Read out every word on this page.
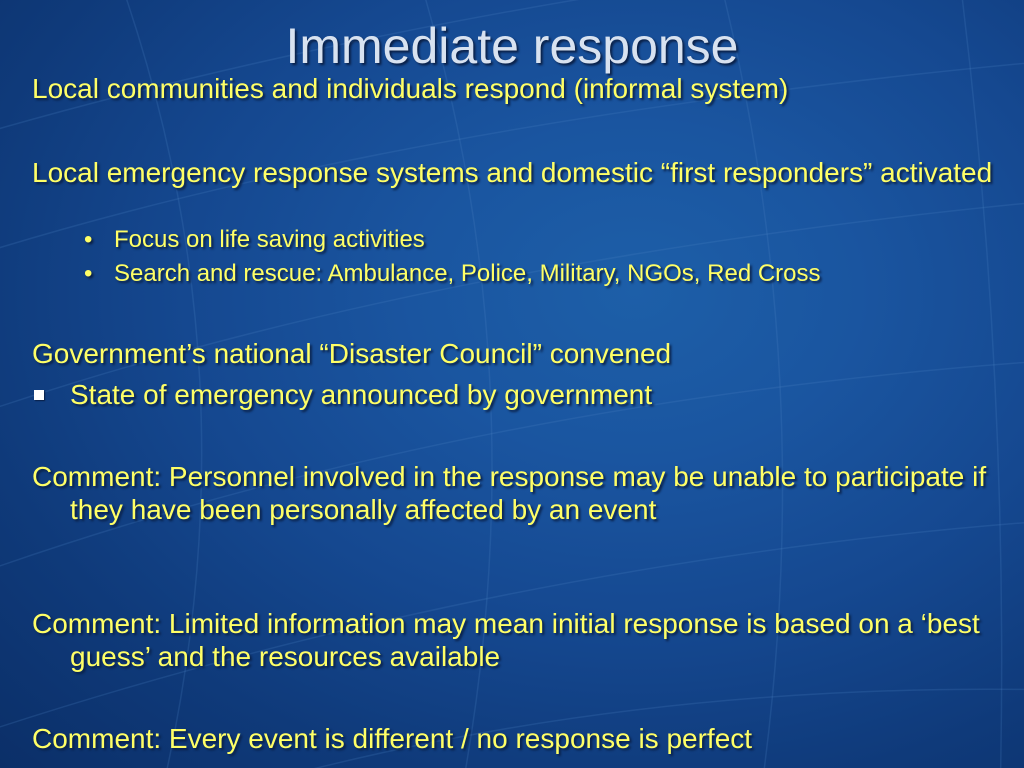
Immediate response
Local communities and individuals respond (informal system)
Local emergency response systems and domestic “first responders” activated
• Focus on life saving activities
• Search and rescue: Ambulance, Police, Military, NGOs, Red Cross
Government’s national “Disaster Council” convened
State of emergency announced by government
Comment: Personnel involved in the response may be unable to participate if they have been personally affected by an event
Comment: Limited information may mean initial response is based on a ‘best guess’ and the resources available
Comment: Every event is different / no response is perfect
